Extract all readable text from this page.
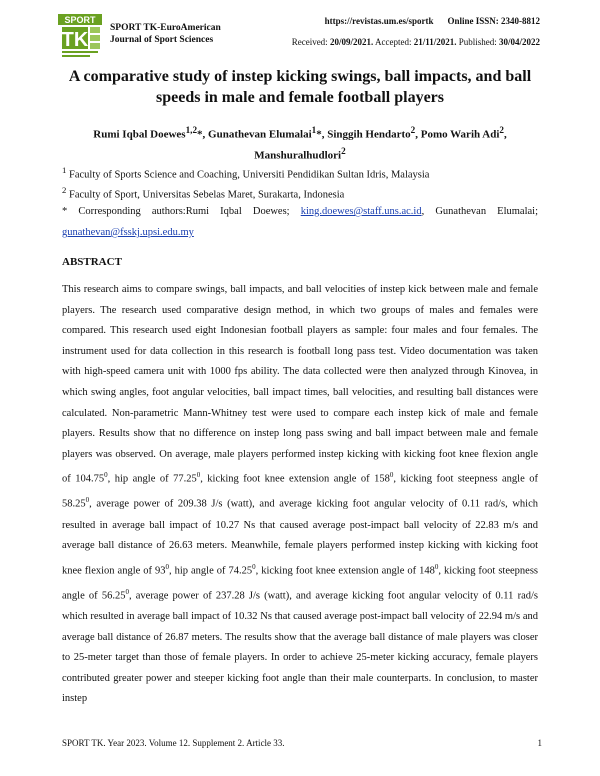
SPORT
TK
SPORT TK-EuroAmerican
Journal of Sport Sciences
https://revistas.um.es/sportk Online ISSN: 2340-8812
Received: 20/09/2021. Accepted: 21/11/2021. Published: 30/04/2022
A comparative study of instep kicking swings, ball impacts, and ball speeds in male and female football players
Rumi Iqbal Doewes$^{1,2}$*, Gunathevan Elumalai$^1$*, Singgih Hendarto$^2$, Pomo Warih Adi$^2$, Manshuralhudlori$^2$
$^1$ Faculty of Sports Science and Coaching, Universiti Pendidikan Sultan Idris, Malaysia
$^2$ Faculty of Sport, Universitas Sebelas Maret, Surakarta, Indonesia
* Corresponding authors:Rumi Iqbal Doewes; king.doewes@staff.uns.ac.id, Gunathevan Elumalai;
gunathevan@fsskj.upsi.edu.my
ABSTRACT
This research aims to compare swings, ball impacts, and ball velocities of instep kick between male and female players. The research used comparative design method, in which two groups of males and females were compared. This research used eight Indonesian football players as sample: four males and four females. The instrument used for data collection in this research is football long pass test. Video documentation was taken with high-speed camera unit with 1000 fps ability. The data collected were then analyzed through Kinovea, in which swing angles, foot angular velocities, ball impact times, ball velocities, and resulting ball distances were calculated. Non-parametric Mann-Whitney test were used to compare each instep kick of male and female players. Results show that no difference on instep long pass swing and ball impact between male and female players was observed. On average, male players performed instep kicking with kicking foot knee flexion angle of 104.75$^0$, hip angle of 77.25$^0$, kicking foot knee extension angle of $158^0$, kicking foot steepness angle of 58.25$^0$, average power of 209.38 J/s (watt), and average kicking foot angular velocity of 0.11 rad/s, which resulted in average ball impact of 10.27 Ns that caused average post-impact ball velocity of 22.83 m/s and average ball distance of 26.63 meters. Meanwhile, female players performed instep kicking with kicking foot knee flexion angle of $93^0$, hip angle of 74.25$^0$, kicking foot knee extension angle of $148^0$, kicking foot steepness angle of 56.25$^0$, average power of 237.28 J/s (watt), and average kicking foot angular velocity of 0.11 rad/s which resulted in average ball impact of 10.32 Ns that caused average post-impact ball velocity of 22.94 m/s and average ball distance of 26.87 meters. The results show that the average ball distance of male players was closer to 25-meter target than those of female players. In order to achieve 25-meter kicking accuracy, female players contributed greater power and steeper kicking foot angle than their male counterparts. In conclusion, to master instep
SPORT TK. Year 2023. Volume 12. Supplement 2. Article 33.	1
